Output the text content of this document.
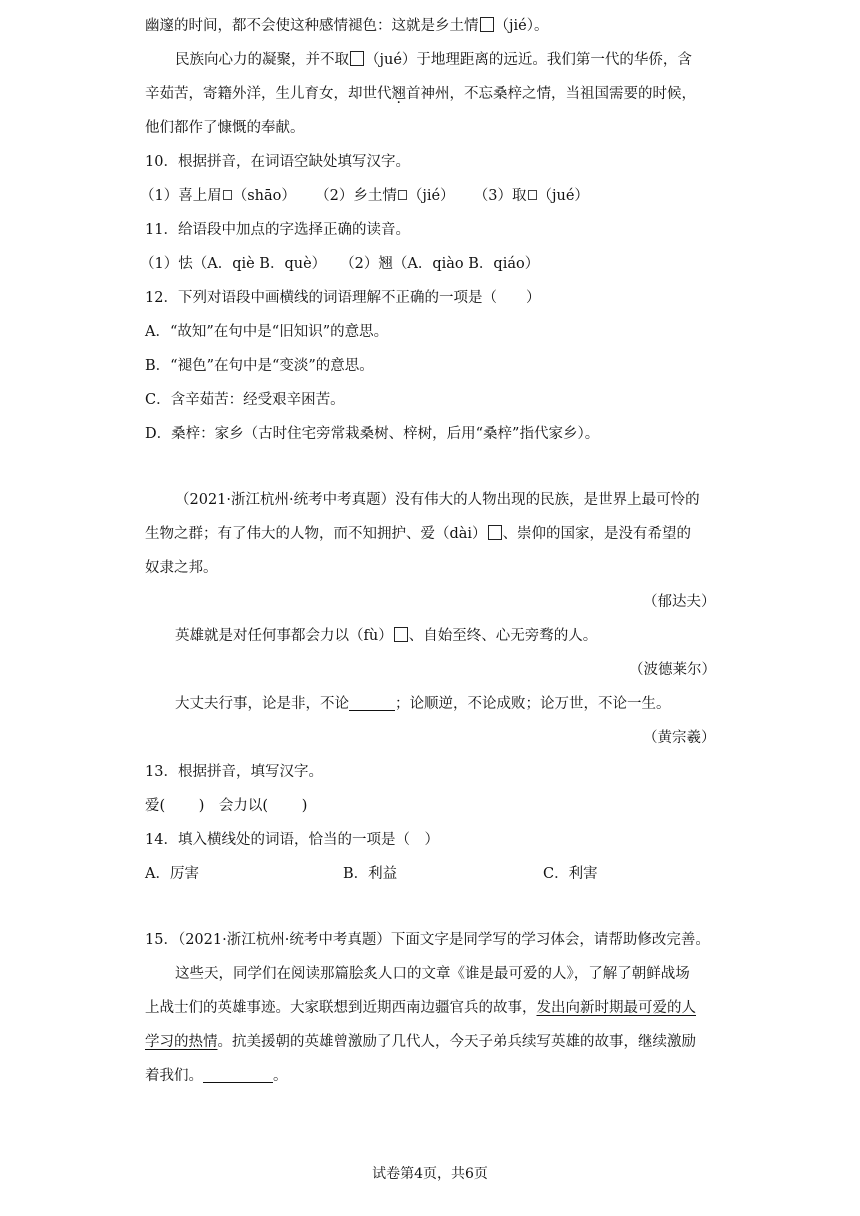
幽邃的时间，都不会使这种感情褪色：这就是乡土情 （jié）。
民族向心力的凝聚，并不取 （jué）于地理距离的远近。我们第一代的华侨，含
辛茹苦，寄籍外洋，生儿育女，却世代翘首神州，不忘桑梓之情，当祖国需要的时候，
他们都作了慷慨的奉献。
10．根据拼音，在词语空缺处填写汉字。
（1）喜上眉 （shāo） （2）乡土情 （jié） （3）取 （jué）
11．给语段中加点的字选择正确的读音。
（1）怯（A．qiè B．què） （2）翘（A．qiào B．qiáo）
12．下列对语段中画横线的词语理解不正确的一项是（　　）
A．“故知”在句中是“旧知识”的意思。
B．“褪色”在句中是“变淡”的意思。
C．含辛茹苦：经受艰辛困苦。
D．桑梓：家乡（古时住宅旁常栽桑树、梓树，后用“桑梓”指代家乡）。
（2021·浙江杭州·统考中考真题）没有伟大的人物出现的民族，是世界上最可怜的
生物之群；有了伟大的人物，而不知拥护、爱（dài） 、崇仰的国家，是没有希望的
奴隶之邦。
（郁达夫）
英雄就是对任何事都会力以（fù） 、自始至终、心无旁骛的人。
（波德莱尔）
大丈夫行事，论是非，不论	；论顺逆，不论成败；论万世，不论一生。
（黄宗羲）
13．根据拼音，填写汉字。
爱(　　 )　会力以(　　 )
14．填入横线处的词语，恰当的一项是（　）
A．厉害	B．利益	C．利害
15．（2021·浙江杭州·统考中考真题）下面文字是同学写的学习体会，请帮助修改完善。
这些天，同学们在阅读那篇脍炙人口的文章《谁是最可爱的人》，了解了朝鲜战场
上战士们的英雄事迹。大家联想到近期西南边疆官兵的故事，发出向新时期最可爱的人
学习的热情。抗美援朝的英雄曾激励了几代人，今天子弟兵续写英雄的故事，继续激励
着我们。	。
试卷第4页，共6页
